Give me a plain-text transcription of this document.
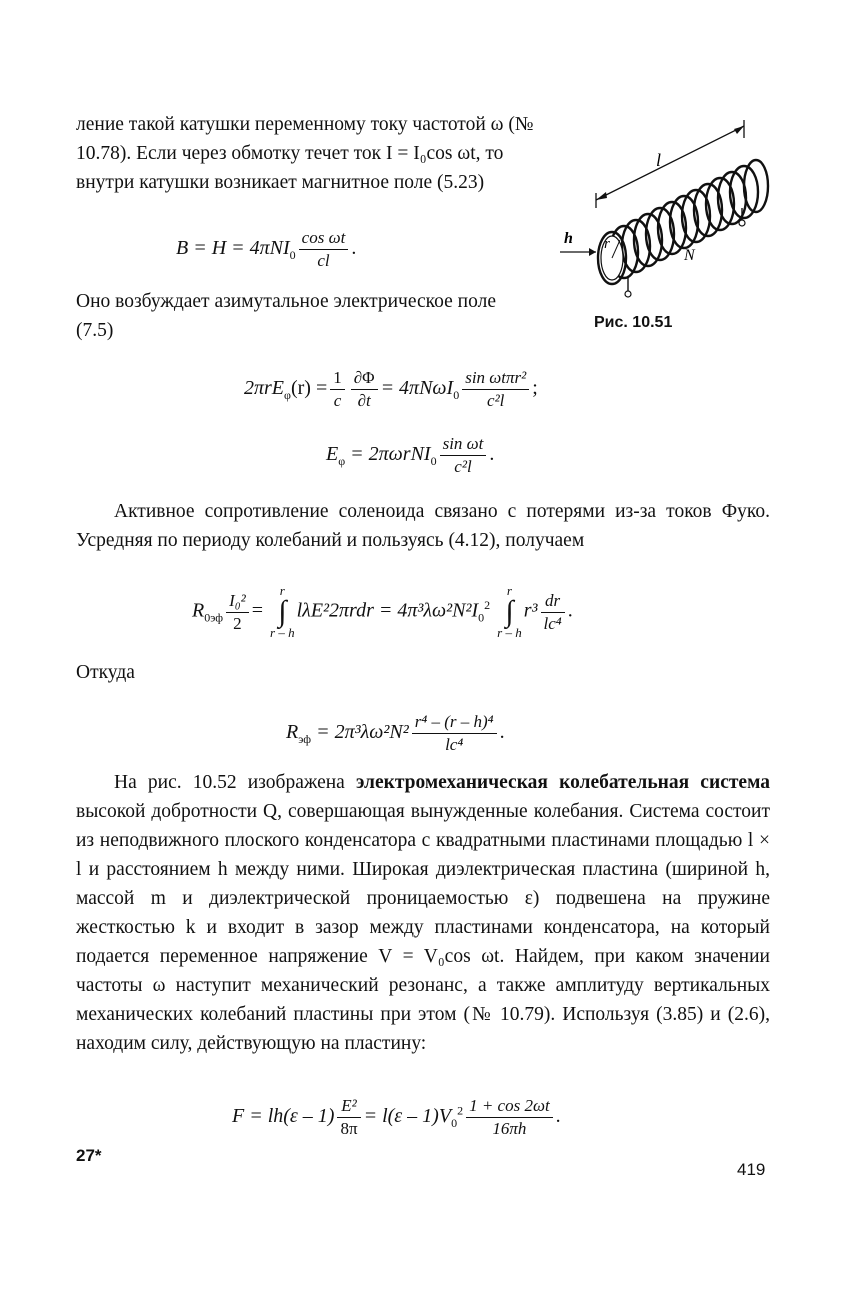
ление такой катушки переменному току частотой ω (№ 10.78). Если через обмотку течет ток I = I₀cos ωt, то внутри катушки возникает магнитное поле (5.23)
$B = H = 4\pi NI_0 \frac{\text{cos ωt}}{cl}$ .
Оно возбуждает азимутальное электрическое поле (7.5)
l
h r
N
Рис. 10.51
$2\pi rE_\varphi(r) = \frac{1}{c} \frac{\partial\Phi}{\partial t} = 4\pi N\omega I_0 \frac{\text{sin ωtπr²}}{\text{c²l}}$ ;
$E_\varphi = 2\pi\omega rNI_0 \frac{\text{sin ωt}}{\text{c²l}}$ .
Активное сопротивление соленоида связано с потерями из-за токов Фуко. Усредняя по периоду колебаний и пользуясь (4.12), получаем
$R_{0эф} \frac{\text{I₀²}}{2} = r$
∫
$r - hl\lambda E^22\pi rdr = 4\pi^3\lambda\omega^2N^2I_0^2$ r
∫
r – $hr^3 \frac{dr}{\text{lc⁴}}$ .
Откуда
$R_{эф} = 2\pi^3\lambda\omega^2N^2 \frac{\text{r⁴ – (r – h)⁴}}{\text{lc⁴}}$ .
На рис. 10.52 изображена электромеханическая колебательная система высокой добротности Q, совершающая вынужденные колебания. Система состоит из неподвижного плоского конденсатора с квадратными пластинами площадью l × l и расстоянием h между ними. Широкая диэлектрическая пластина (шириной h, массой m и диэлектрической проницаемостью ε) подвешена на пружине жесткостью k и входит в зазор между пластинами конденсатора, на который подается переменное напряжение V = V₀cos ωt. Найдем, при каком значении частоты ω наступит механический резонанс, а также амплитуду вертикальных механических колебаний пластины при этом (№ 10.79). Используя (3.85) и (2.6), находим силу, действующую на пластину:
$F = lh(\varepsilon - 1) \frac{\text{E²}}{8\pi} = l(\varepsilon - 1)V_0^2 \frac{1 + \cos 2\omega t}{16\pi h}$ .
27*
419
